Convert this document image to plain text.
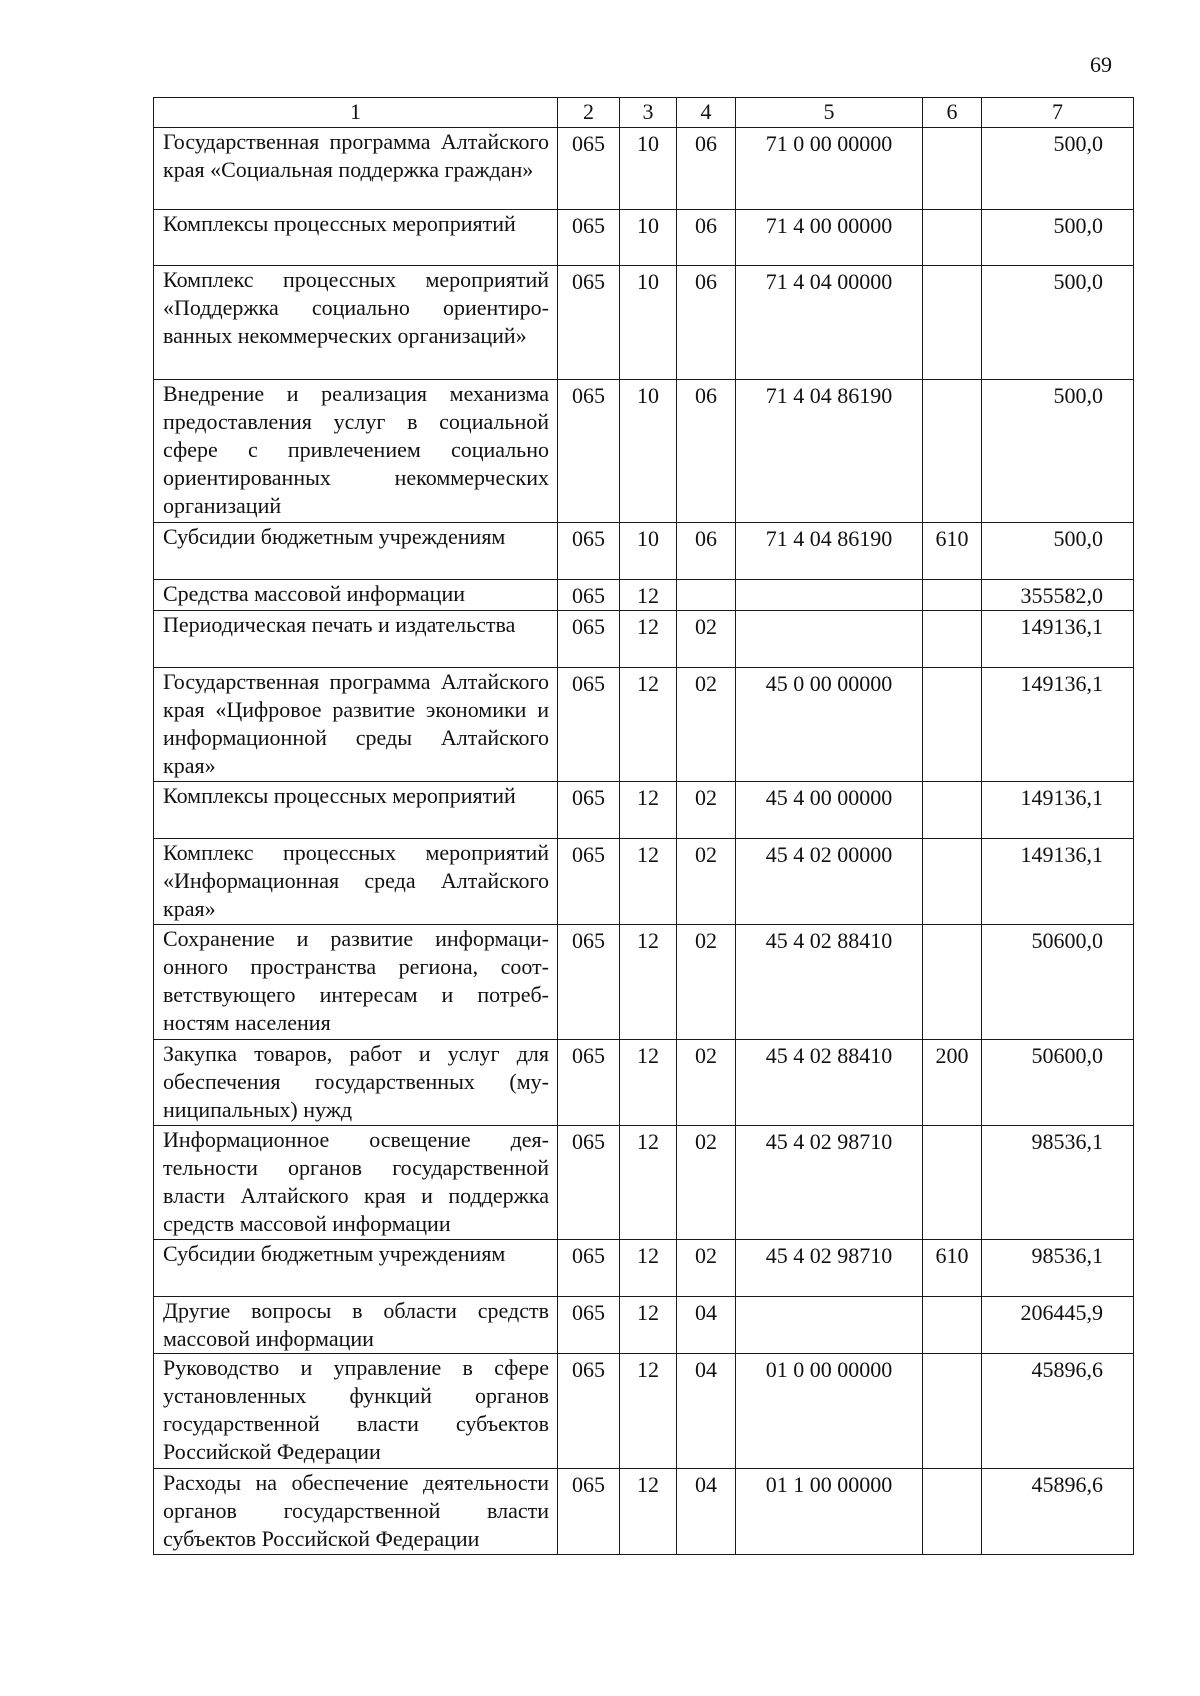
69
1	2	3	4	5	6	7
Государственная программа Алтайского края «Социальная поддержка граждан»	065	10	06	71 0 00 00000		500,0
Комплексы процессных мероприятий	065	10	06	71 4 00 00000		500,0
Комплекс процессных мероприятий «Поддержка социально ориентированных некоммерческих организаций»	065	10	06	71 4 04 00000		500,0
Внедрение и реализация механизма предоставления услуг в социальной сфере с привлечением социально ориентированных некоммерческих организаций	065	10	06	71 4 04 86190		500,0
Субсидии бюджетным учреждениям	065	10	06	71 4 04 86190	610	500,0
Средства массовой информации	065	12				355582,0
Периодическая печать и издательства	065	12	02			149136,1
Государственная программа Алтайского края «Цифровое развитие экономики и информационной среды Алтайского края»	065	12	02	45 0 00 00000		149136,1
Комплексы процессных мероприятий	065	12	02	45 4 00 00000		149136,1
Комплекс процессных мероприятий «Информационная среда Алтайского края»	065	12	02	45 4 02 00000		149136,1
Сохранение и развитие информационного пространства региона, соответствующего интересам и потребностям населения	065	12	02	45 4 02 88410		50600,0
Закупка товаров, работ и услуг для обеспечения государственных (муниципальных) нужд	065	12	02	45 4 02 88410	200	50600,0
Информационное освещение деятельности органов государственной власти Алтайского края и поддержка средств массовой информации	065	12	02	45 4 02 98710		98536,1
Субсидии бюджетным учреждениям	065	12	02	45 4 02 98710	610	98536,1
Другие вопросы в области средств массовой информации	065	12	04			206445,9
Руководство и управление в сфере установленных функций органов государственной власти субъектов Российской Федерации	065	12	04	01 0 00 00000		45896,6
Расходы на обеспечение деятельности органов государственной власти субъектов Российской Федерации	065	12	04	01 1 00 00000		45896,6
